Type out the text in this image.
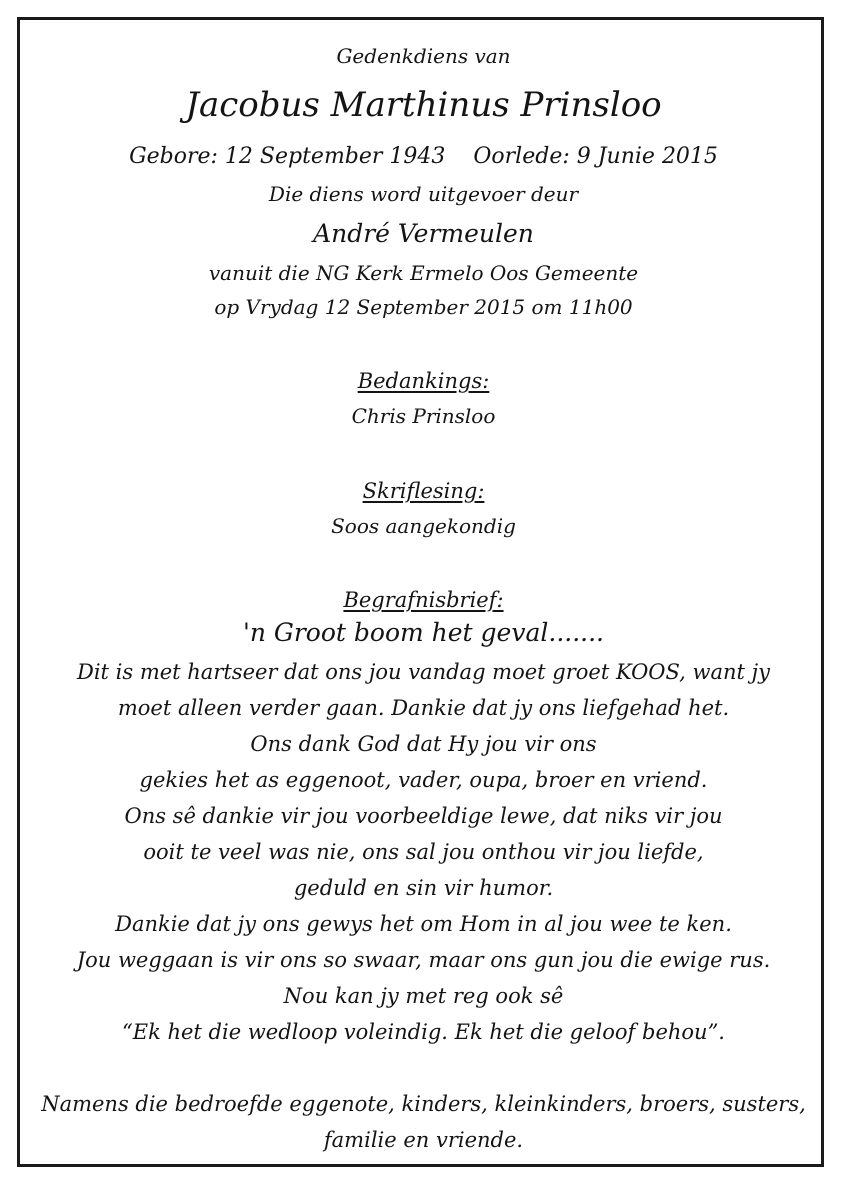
Gedenkdiens van
Jacobus Marthinus Prinsloo
Gebore: 12 September 1943    Oorlede: 9 Junie 2015
Die diens word uitgevoer deur
André Vermeulen
vanuit die NG Kerk Ermelo Oos Gemeente
op Vrydag 12 September 2015 om 11h00
Bedankings:
Chris Prinsloo
Skriflesing:
Soos aangekondig
Begrafnisbrief:
'n Groot boom het geval.......
Dit is met hartseer dat ons jou vandag moet groet KOOS, want jy
moet alleen verder gaan. Dankie dat jy ons liefgehad het.
Ons dank God dat Hy jou vir ons
gekies het as eggenoot, vader, oupa, broer en vriend.
Ons sê dankie vir jou voorbeeldige lewe, dat niks vir jou
ooit te veel was nie, ons sal jou onthou vir jou liefde,
geduld en sin vir humor.
Dankie dat jy ons gewys het om Hom in al jou wee te ken.
Jou weggaan is vir ons so swaar, maar ons gun jou die ewige rus.
Nou kan jy met reg ook sê
“Ek het die wedloop voleindig. Ek het die geloof behou”.
Namens die bedroefde eggenote, kinders, kleinkinders, broers, susters,
familie en vriende.
